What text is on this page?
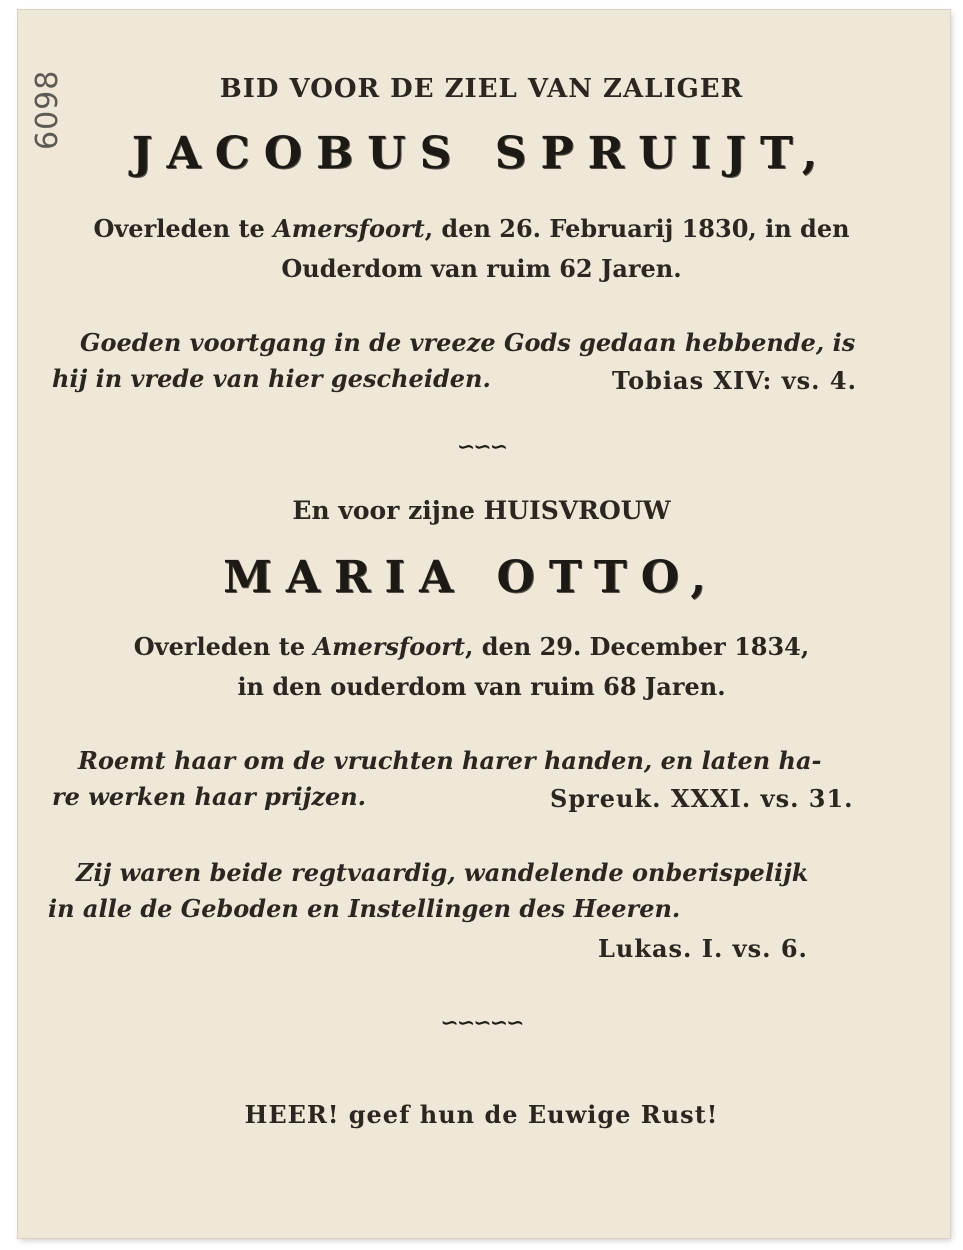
6098	BID VOOR DE ZIEL VAN ZALIGER
JACOBUS SPRUIJT,
Overleden te Amersfoort, den 26. Februarij 1830, in den
Ouderdom van ruim 62 Jaren.
Goeden voortgang in de vreeze Gods gedaan hebbende, is
hij in vrede van hier gescheiden.	Tobias XIV: vs. 4.
∽∽∽
En voor zijne HUISVROUW
MARIA OTTO,
Overleden te Amersfoort, den 29. December 1834,
in den ouderdom van ruim 68 Jaren.
Roemt haar om de vruchten harer handen, en laten ha-
re werken haar prijzen.	Spreuk. XXXI. vs. 31.
Zij waren beide regtvaardig, wandelende onberispelijk
in alle de Geboden en Instellingen des Heeren.
Lukas. I. vs. 6.
∽∽∽∽∽
HEER! geef hun de Euwige Rust!
